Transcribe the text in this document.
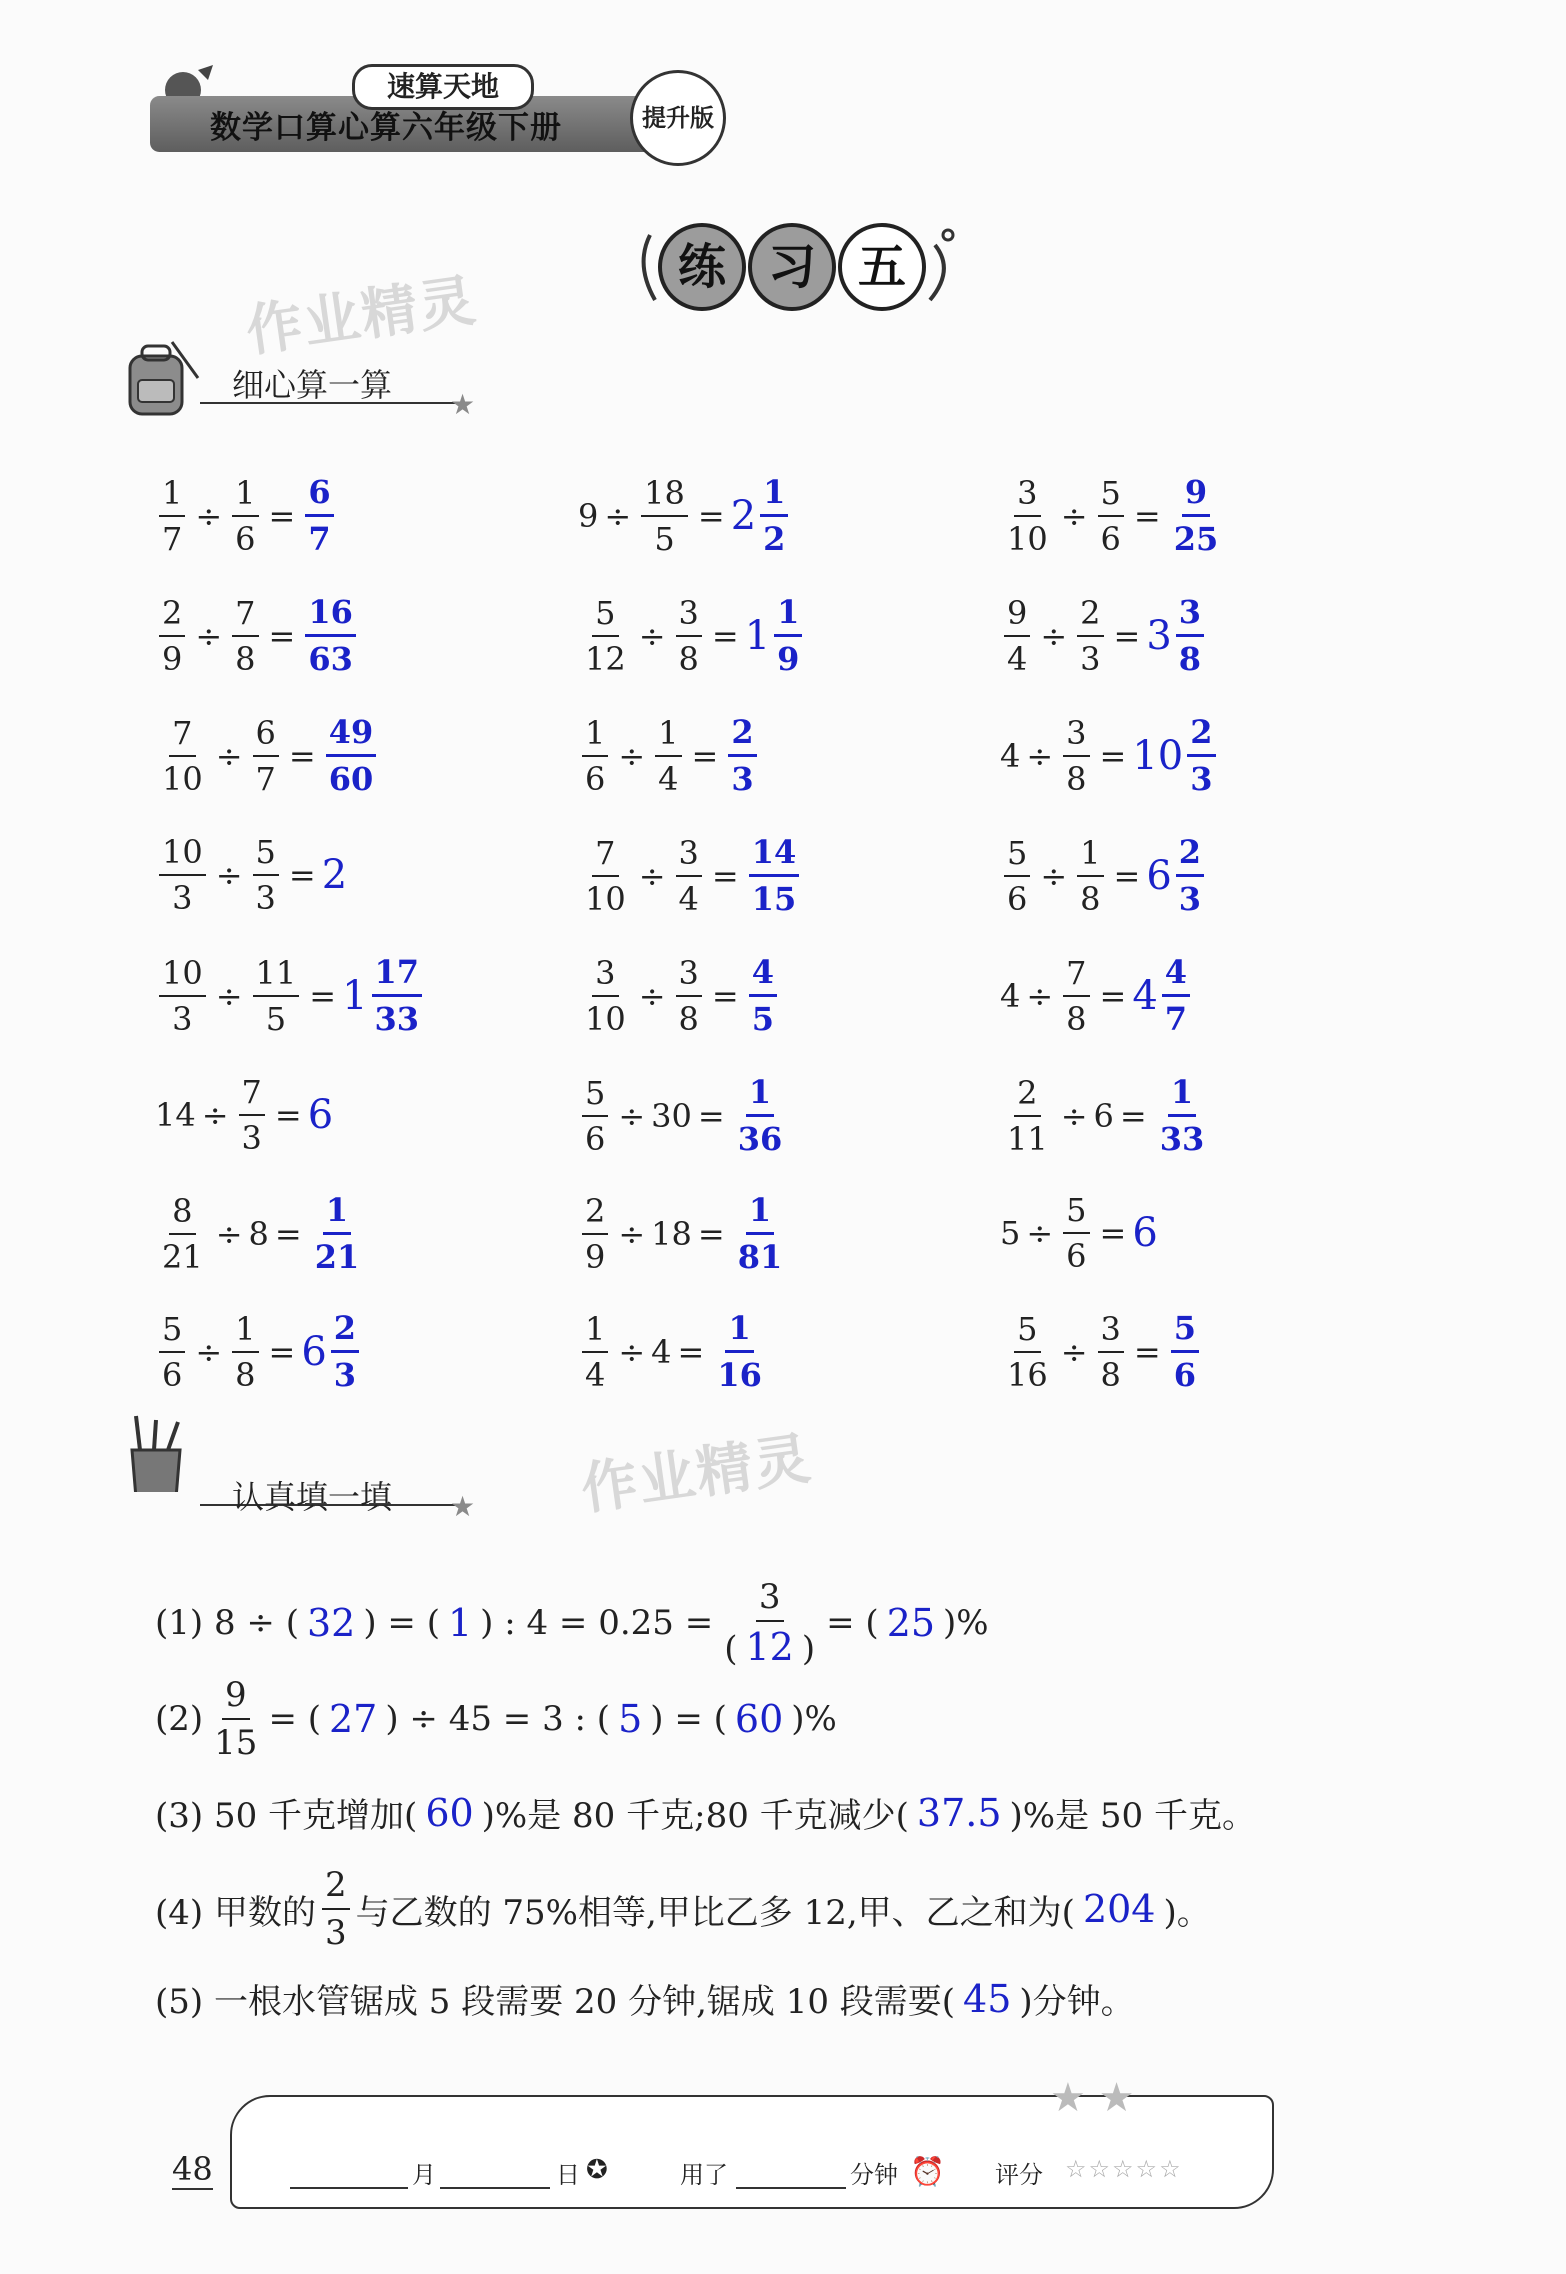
速算天地
数学口算心算六年级下册	提升版
练 习 五
作业精灵
作业精灵
细心算一算
★
$\frac{1}{7} \div \frac{1}{6} = \frac{6}{7}$	$9 \div \frac{18}{5} = 2 \frac{1}{2}$	$\frac{3}{10} \div \frac{5}{6} = \frac{9}{25}$
$\frac{2}{9} \div \frac{7}{8} = \frac{16}{63}$	$\frac{5}{12} \div \frac{3}{8} = 1 \frac{1}{9}$	$\frac{9}{4} \div \frac{2}{3} = 3 \frac{3}{8}$
$\frac{7}{10} \div \frac{6}{7} = \frac{49}{60}$	$\frac{1}{6} \div \frac{1}{4} = \frac{2}{3}$	$4 \div \frac{3}{8} = 10 \frac{2}{3}$
$\frac{10}{3} \div \frac{5}{3} = 2$	$\frac{7}{10} \div \frac{3}{4} = \frac{14}{15}$	$\frac{5}{6} \div \frac{1}{8} = 6 \frac{2}{3}$
$\frac{10}{3} \div \frac{11}{5} = 1 \frac{17}{33}$	$\frac{3}{10} \div \frac{3}{8} = \frac{4}{5}$	$4 \div \frac{7}{8} = 4 \frac{4}{7}$
$14 \div \frac{7}{3} = 6$	$\frac{5}{6} \div 30 = \frac{1}{36}$	$\frac{2}{11} \div 6 = \frac{1}{33}$
$\frac{8}{21} \div 8 = \frac{1}{21}$	$\frac{2}{9} \div 18 = \frac{1}{81}$	$5 \div \frac{5}{6} = 6$
$\frac{5}{6} \div \frac{1}{8} = 6 \frac{2}{3}$	$\frac{1}{4} \div 4 = \frac{1}{16}$	$\frac{5}{16} \div \frac{3}{8} = \frac{5}{6}$
认真填一填 ★
(1) 8 ÷ ( 32 ) = ( 1 ) : $4 = 0.25 = \frac{3}{( 12 )}$ = ( 25 )%
$(2) \frac{9}{15}$ = ( 27 ) ÷ 45 = 3 : ( 5 ) = ( 60 )%
(3) 50 千克增加( 60 )%是 80 千克;80 千克减少( 37.5 )%是 50 千克。
(4) 甲数的 $\frac{2}{3}$ 与乙数的 75%相等,甲比乙多 12,甲、乙之和为( 204 )。
(5) 一根水管锯成 5 段需要 20 分钟,锯成 10 段需要( 45 )分钟。
48	月	日 ✪	用了	分钟 ⏰ 评分 ☆☆☆☆☆
★ ★
